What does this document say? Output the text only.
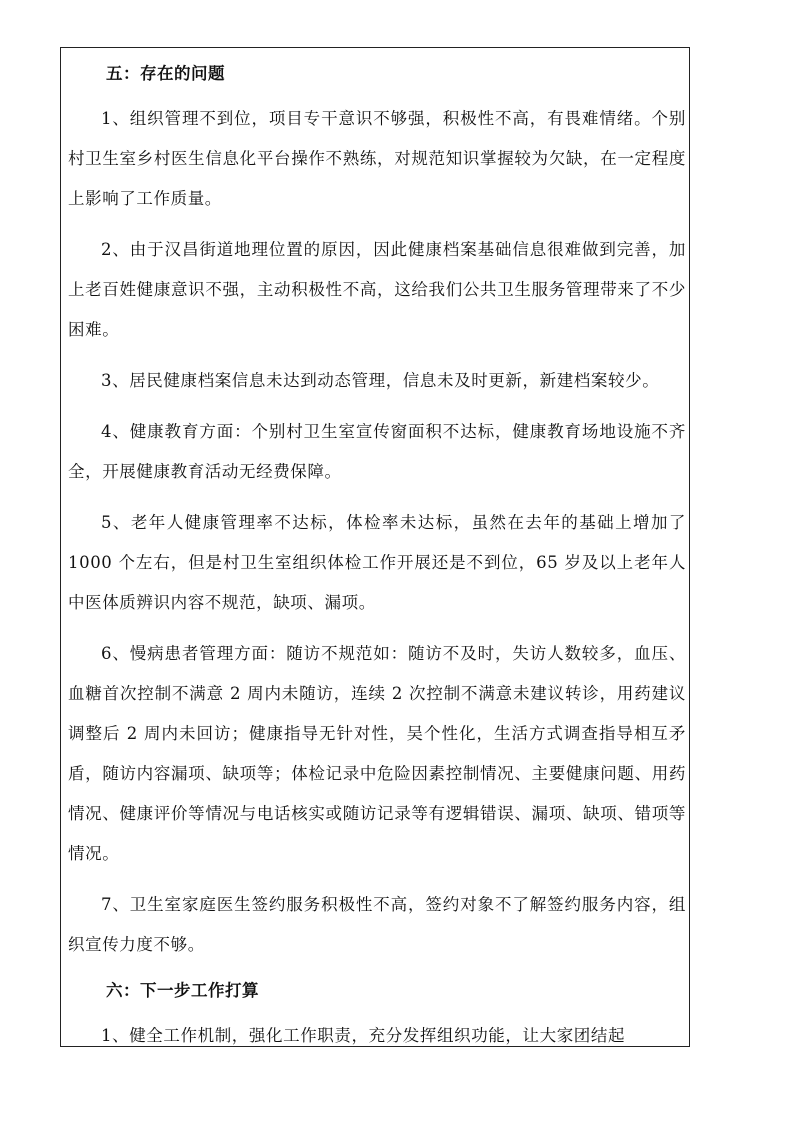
五：存在的问题

1、组织管理不到位，项目专干意识不够强，积极性不高，有畏难情绪。个别村卫生室乡村医生信息化平台操作不熟练，对规范知识掌握较为欠缺，在一定程度上影响了工作质量。

2、由于汉昌街道地理位置的原因，因此健康档案基础信息很难做到完善，加上老百姓健康意识不强，主动积极性不高，这给我们公共卫生服务管理带来了不少困难。

3、居民健康档案信息未达到动态管理，信息未及时更新，新建档案较少。

4、健康教育方面：个别村卫生室宣传窗面积不达标，健康教育场地设施不齐全，开展健康教育活动无经费保障。

5、老年人健康管理率不达标，体检率未达标，虽然在去年的基础上增加了 1000 个左右，但是村卫生室组织体检工作开展还是不到位，65 岁及以上老年人中医体质辨识内容不规范，缺项、漏项。

6、慢病患者管理方面：随访不规范如：随访不及时，失访人数较多，血压、血糖首次控制不满意 2 周内未随访，连续 2 次控制不满意未建议转诊，用药建议调整后 2 周内未回访；健康指导无针对性，吴个性化，生活方式调查指导相互矛盾，随访内容漏项、缺项等；体检记录中危险因素控制情况、主要健康问题、用药情况、健康评价等情况与电话核实或随访记录等有逻辑错误、漏项、缺项、错项等情况。

7、卫生室家庭医生签约服务积极性不高，签约对象不了解签约服务内容，组织宣传力度不够。

六：下一步工作打算

1、健全工作机制，强化工作职责，充分发挥组织功能，让大家团结起
